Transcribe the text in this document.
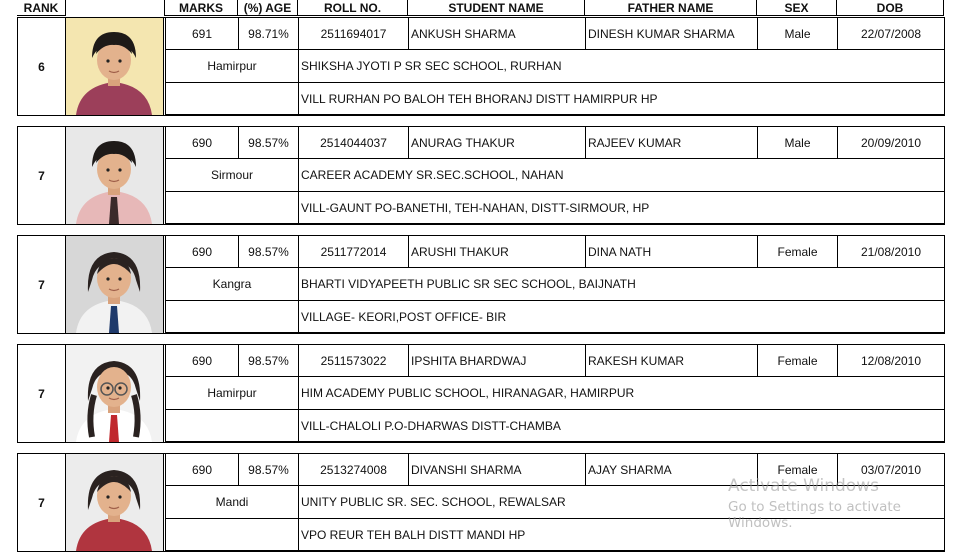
RANK	MARKS	(%) AGE	ROLL NO.	STUDENT NAME	FATHER NAME	SEX	DOB
6
691	98.71%	2511694017	ANKUSH SHARMA	DINESH KUMAR SHARMA	Male	22/07/2008
Hamirpur	SHIKSHA JYOTI P SR SEC SCHOOL, RURHAN
VILL RURHAN PO BALOH TEH BHORANJ DISTT HAMIRPUR HP
7
690	98.57%	2514044037	ANURAG THAKUR	RAJEEV KUMAR	Male	20/09/2010
Sirmour	CAREER ACADEMY SR.SEC.SCHOOL, NAHAN
VILL-GAUNT PO-BANETHI, TEH-NAHAN, DISTT-SIRMOUR, HP
7
690	98.57%	2511772014	ARUSHI THAKUR	DINA NATH	Female	21/08/2010
Kangra	BHARTI VIDYAPEETH PUBLIC SR SEC SCHOOL, BAIJNATH
VILLAGE- KEORI,POST OFFICE- BIR
7
690	98.57%	2511573022	IPSHITA BHARDWAJ	RAKESH KUMAR	Female	12/08/2010
Hamirpur	HIM ACADEMY PUBLIC SCHOOL, HIRANAGAR, HAMIRPUR
VILL-CHALOLI P.O-DHARWAS DISTT-CHAMBA
7
690	98.57%	2513274008	DIVANSHI SHARMA	AJAY SHARMA	Female	03/07/2010
Mandi	UNITY PUBLIC SR. SEC. SCHOOL, REWALSAR
VPO REUR TEH BALH DISTT MANDI HP
Activate Windows
Go to Settings to activate Windows.
